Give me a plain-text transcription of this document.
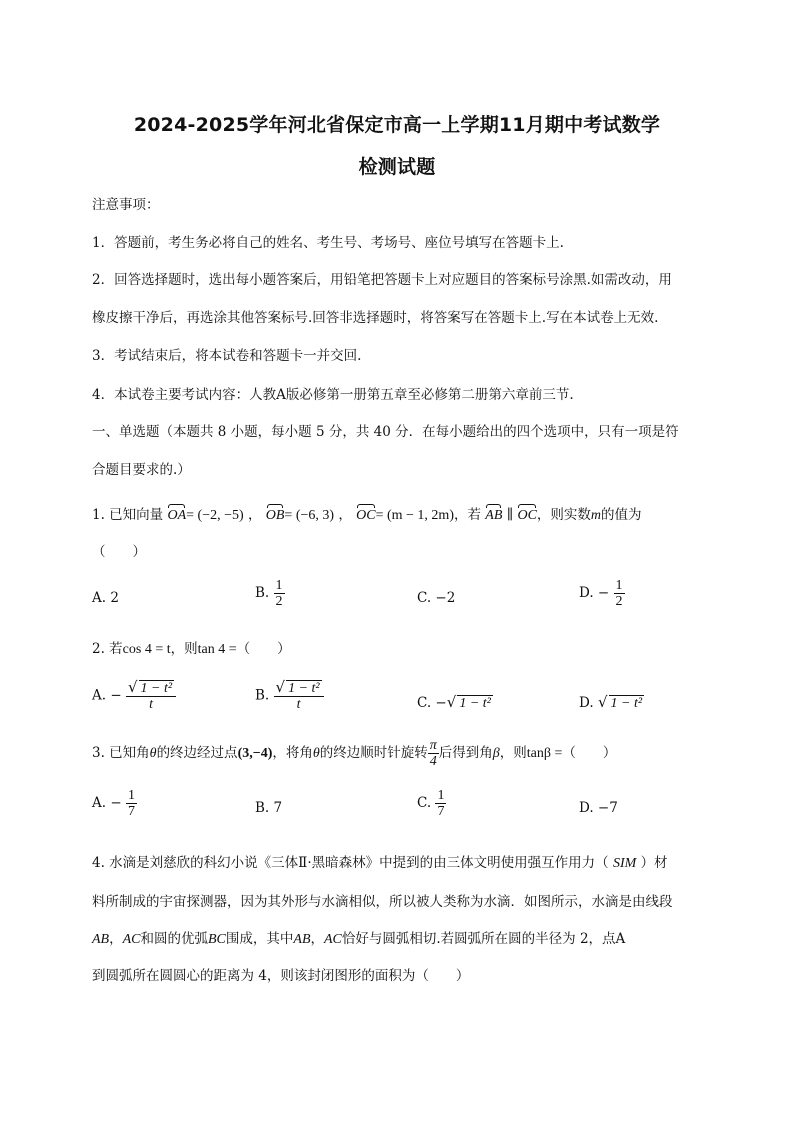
2024-2025学年河北省保定市高一上学期11月期中考试数学
检测试题
注意事项：
1．答题前，考生务必将自己的姓名、考生号、考场号、座位号填写在答题卡上.
2．回答选择题时，选出每小题答案后，用铅笔把答题卡上对应题目的答案标号涂黑.如需改动，用
橡皮擦干净后，再选涂其他答案标号.回答非选择题时，将答案写在答题卡上.写在本试卷上无效.
3．考试结束后，将本试卷和答题卡一并交回.
4．本试卷主要考试内容：人教A版必修第一册第五章至必修第二册第六章前三节.
一、单选题（本题共 8 小题，每小题 5 分，共 40 分．在每小题给出的四个选项中，只有一项是符
合题目要求的.）
1. 已知向量 OA= (−2, −5) ， OB= (−6, 3) ， OC= (m − 1, 2m)，若 AB ∥ OC，则实数m的值为
（　　）
A. 2	B. $\frac{1}{2}$	C. −2	D. − $\frac{1}{2}$
2. 若cos 4 = t，则tan 4 =（　　）
A. − $\frac{\text{√ 1 − t²}}{t}$	B. $\frac{\text{√ 1 − t²}}{t}$	C. −√ 1 − t²	D. √ 1 − t²
3. 已知角θ的终边经过点(3,−4)，将角θ的终边顺时针旋转 $\frac{\pi}{4}$ 后得到角β，则tanβ =（　　）
A. − $\frac{1}{7}$	B. 7	C. $\frac{1}{7}$	D. −7
4. 水滴是刘慈欣的科幻小说《三体Ⅱ·黑暗森林》中提到的由三体文明使用强互作用力（ SIM ）材
料所制成的宇宙探测器，因为其外形与水滴相似，所以被人类称为水滴．如图所示，水滴是由线段
AB，AC和圆的优弧BC围成，其中AB，AC恰好与圆弧相切.若圆弧所在圆的半径为 2，点A
到圆弧所在圆圆心的距离为 4，则该封闭图形的面积为（　　）
